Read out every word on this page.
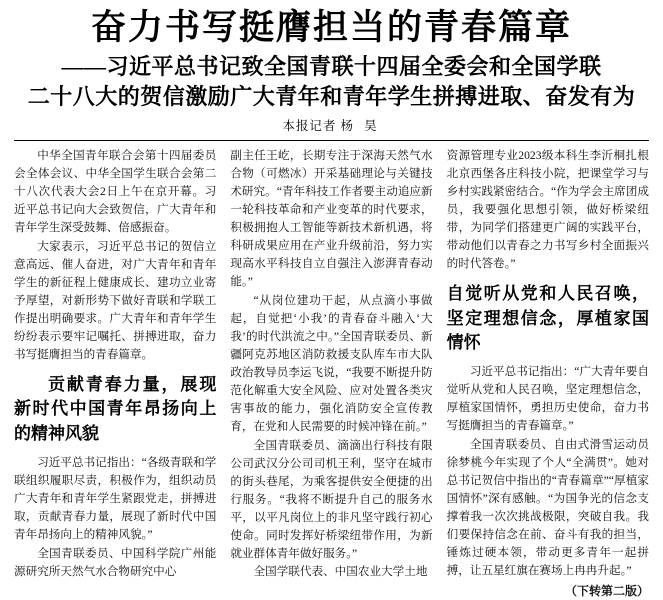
奋力书写挺膺担当的青春篇章
——习近平总书记致全国青联十四届全委会和全国学联
二十八大的贺信激励广大青年和青年学生拼搏进取、奋发有为
本报记者 杨 昊

中华全国青年联合会第十四届委员会全体会议、中华全国学生联合会第二十八次代表大会2日上午在京开幕。习近平总书记向大会致贺信，广大青年和青年学生深受鼓舞、倍感振奋。

大家表示，习近平总书记的贺信立意高远、催人奋进，对广大青年和青年学生的新征程上健康成长、建功立业寄予厚望，对新形势下做好青联和学联工作提出明确要求。广大青年和青年学生纷纷表示要牢记嘱托、拼搏进取，奋力书写挺膺担当的青春篇章。

贡献青春力量，展现新时代中国青年昂扬向上的精神风貌

习近平总书记指出：“各级青联和学联组织履职尽责，积极作为，组织动员广大青年和青年学生紧跟党走，拼搏进取，贡献青春力量，展现了新时代中国青年昂扬向上的精神风貌。”

全国青联委员、中国科学院广州能源研究所天然气水合物研究中心

副主任王屹，长期专注于深海天然气水合物（可燃冰）开采基础理论与关键技术研究。“青年科技工作者要主动追应新一轮科技革命和产业变革的时代要求，积极拥抱人工智能等新技术新机遇，将科研成果应用在产业升级前沿，努力实现高水平科技自立自强注入澎湃青春动能。”

“从岗位建功干起，从点滴小事做起，自觉把‘小我’的青春奋斗融入‘大我’的时代洪流之中。”全国青联委员、新疆阿克苏地区消防救援支队库车市大队政治教导员李运飞说，“我要不断提升防范化解重大安全风险、应对处置各类灾害事故的能力，强化消防安全宣传教育，在党和人民需要的时候冲锋在前。”

全国青联委员、滴滴出行科技有限公司武汉分公司司机王利，坚守在城市的街头巷尾，为乘客提供安全便捷的出行服务。“我将不断提升自己的服务水平，以平凡岗位上的非凡坚守践行初心使命。同时发挥好桥梁纽带作用，为新就业群体青年做好服务。”

全国学联代表、中国农业大学土地

资源管理专业2023级本科生李沂桐扎根北京西堡各庄科技小院，把课堂学习与乡村实践紧密结合。“作为学会主席团成员，我要强化思想引领，做好桥梁纽带，为同学们搭建更广阔的实践平台，带动他们以青春之力书写乡村全面振兴的时代答卷。”

自觉听从党和人民召唤，坚定理想信念，厚植家国情怀

习近平总书记指出：“广大青年要自觉听从党和人民召唤，坚定理想信念，厚植家国情怀，勇担历史使命，奋力书写挺膺担当的青春篇章。”

全国青联委员、自由式滑雪运动员徐梦桃今年实现了个人“全满贯”。她对总书记贺信中指出的“青春篇章”“厚植家国情怀”深有感触。“为国争光的信念支撑着我一次次挑战极限，突破自我。我们要保持信念在前、奋斗有我的担当，锤炼过硬本领，带动更多青年一起拼搏，让五星红旗在赛场上冉冉升起。”

（下转第二版）
